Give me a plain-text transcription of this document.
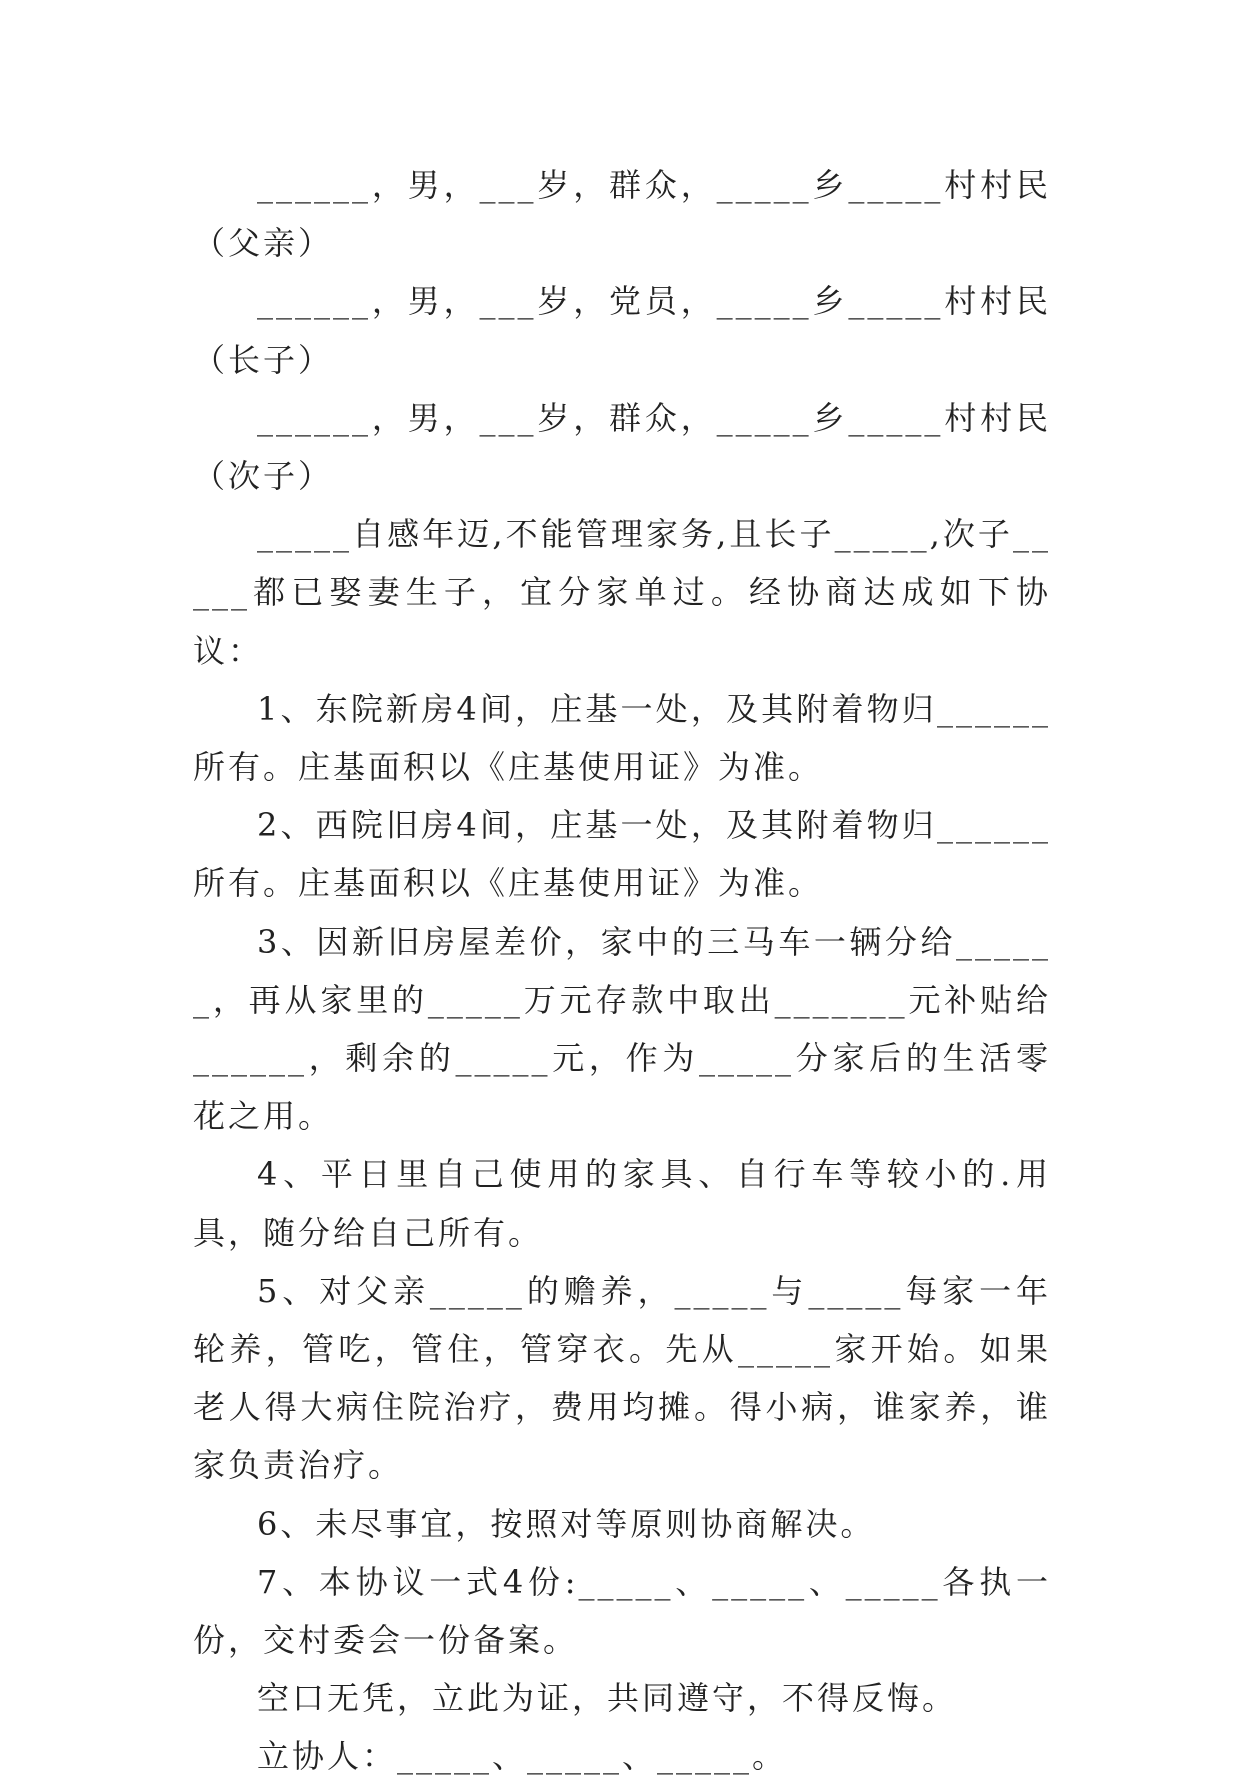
______，男，___岁，群众，_____乡_____村村民（父亲）

______，男，___岁，党员，_____乡_____村村民（长子）

______，男，___岁，群众，_____乡_____村村民（次子）

_____自感年迈,不能管理家务,且长子_____,次子_____都已娶妻生子，宜分家单过。经协商达成如下协议：

1、东院新房4间，庄基一处，及其附着物归______所有。庄基面积以《庄基使用证》为准。

2、西院旧房4间，庄基一处，及其附着物归______所有。庄基面积以《庄基使用证》为准。

3、因新旧房屋差价，家中的三马车一辆分给______，再从家里的_____万元存款中取出_______元补贴给______，剩余的_____元，作为_____分家后的生活零花之用。

4、平日里自己使用的家具、自行车等较小的.用具，随分给自己所有。

5、对父亲_____的赡养，_____与_____每家一年轮养，管吃，管住，管穿衣。先从_____家开始。如果老人得大病住院治疗，费用均摊。得小病，谁家养，谁家负责治疗。

6、未尽事宜，按照对等原则协商解决。

7、本协议一式4份:_____、_____、_____各执一份，交村委会一份备案。

空口无凭，立此为证，共同遵守，不得反悔。

立协人：_____、_____、_____。
